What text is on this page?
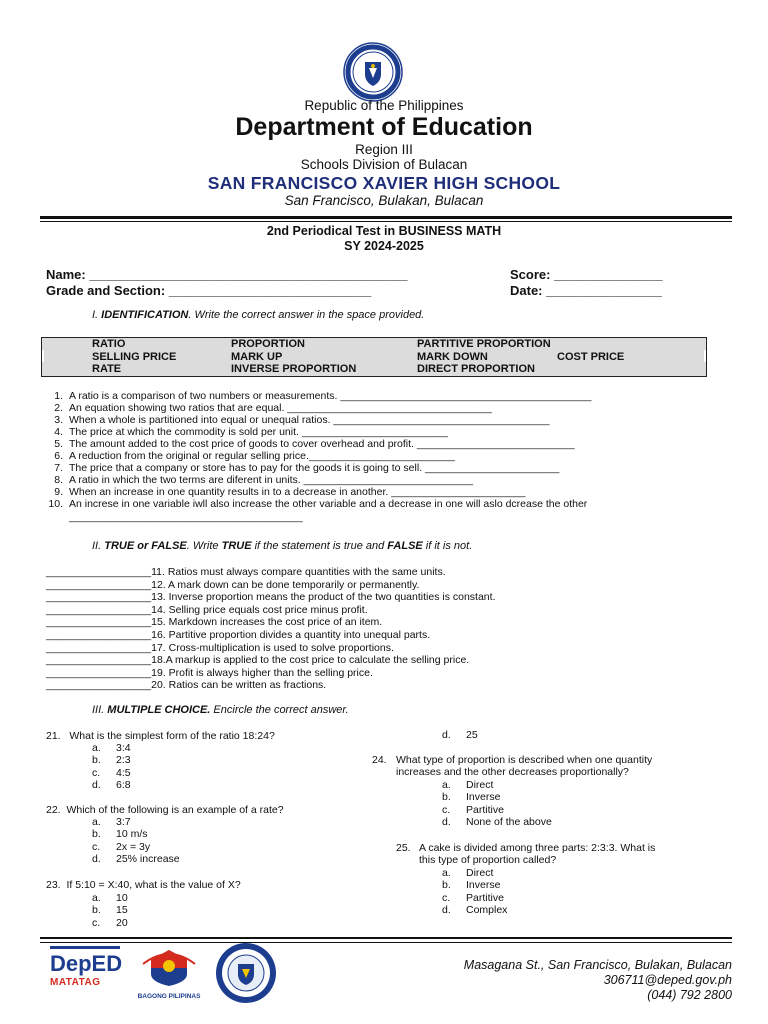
Republic of the Philippines
Department of Education
Region III
Schools Division of Bulacan
SAN FRANCISCO XAVIER HIGH SCHOOL
San Francisco, Bulakan, Bulacan
2nd Periodical Test in BUSINESS MATH
SY 2024-2025
Name: ____________________________________________
Grade and Section: ____________________________
Score: _______________
Date: ________________
I. IDENTIFICATION. Write the correct answer in the space provided.
RATIO
SELLING PRICE
RATE
PROPORTION
MARK UP
INVERSE PROPORTION
PARTITIVE PROPORTION
MARK DOWN
DIRECT PROPORTION
COST PRICE
1. A ratio is a comparison of two numbers or measurements. ___________________________________________
2. An equation showing two ratios that are equal. ___________________________________
3. When a whole is partitioned into equal or unequal ratios. _____________________________________
4. The price at which the commodity is sold per unit. _________________________
5. The amount added to the cost price of goods to cover overhead and profit. ___________________________
6. A reduction from the original or regular selling price._________________________
7. The price that a company or store has to pay for the goods it is going to sell. _______________________
8. A ratio in which the two terms are diferent in units. _____________________________
9. When an increase in one quantity results in to a decrease in another. _______________________
10. An increse in one variable iwll also increase the other variable and a decrease in one will aslo dcrease the other
________________________________________
II. TRUE or FALSE. Write TRUE if the statement is true and FALSE if it is not.
__________________11. Ratios must always compare quantities with the same units.
__________________12. A mark down can be done temporarily or permanently.
__________________13. Inverse proportion means the product of the two quantities is constant.
__________________14. Selling price equals cost price minus profit.
__________________15. Markdown increases the cost price of an item.
__________________16. Partitive proportion divides a quantity into unequal parts.
__________________17. Cross-multiplication is used to solve proportions.
__________________18.A markup is applied to the cost price to calculate the selling price.
__________________19. Profit is always higher than the selling price.
__________________20. Ratios can be written as fractions.
III. MULTIPLE CHOICE. Encircle the correct answer.
21. What is the simplest form of the ratio 18:24?
a. 3:4
b. 2:3
c. 4:5
d. 6:8
22. Which of the following is an example of a rate?
a. 3:7
b. 10 m/s
c. 2x = 3y
d. 25% increase
23. If 5:10 = X:40, what is the value of X?
a. 10
b. 15
c. 20
d. 25
24. What type of proportion is described when one quantity
increases and the other decreases proportionally?
a. Direct
b. Inverse
c. Partitive
d. None of the above
25. A cake is divided among three parts: 2:3:3. What is
this type of proportion called?
a. Direct
b. Inverse
c. Partitive
d. Complex
DepED
MATATAG
BAGONG PILIPINAS
Masagana St., San Francisco, Bulakan, Bulacan
306711@deped.gov.ph
(044) 792 2800
